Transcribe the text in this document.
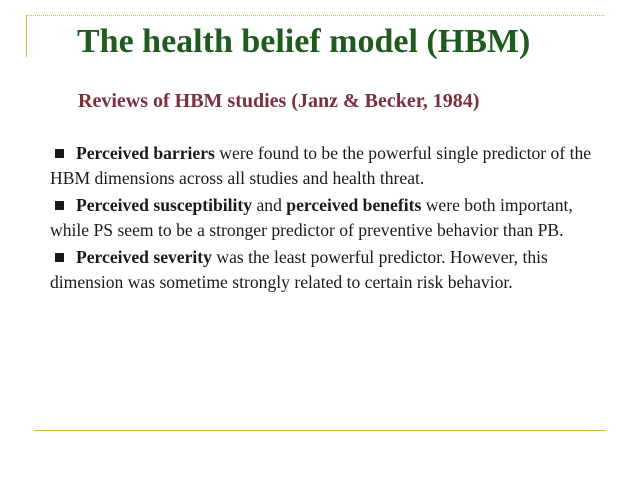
The health belief model (HBM)
Reviews of HBM studies (Janz & Becker, 1984)
Perceived barriers were found to be the powerful single predictor of the HBM dimensions across all studies and health threat.
Perceived susceptibility and perceived benefits were both important, while PS seem to be a stronger predictor of preventive behavior than PB.
Perceived severity was the least powerful predictor. However, this dimension was sometime strongly related to certain risk behavior.
